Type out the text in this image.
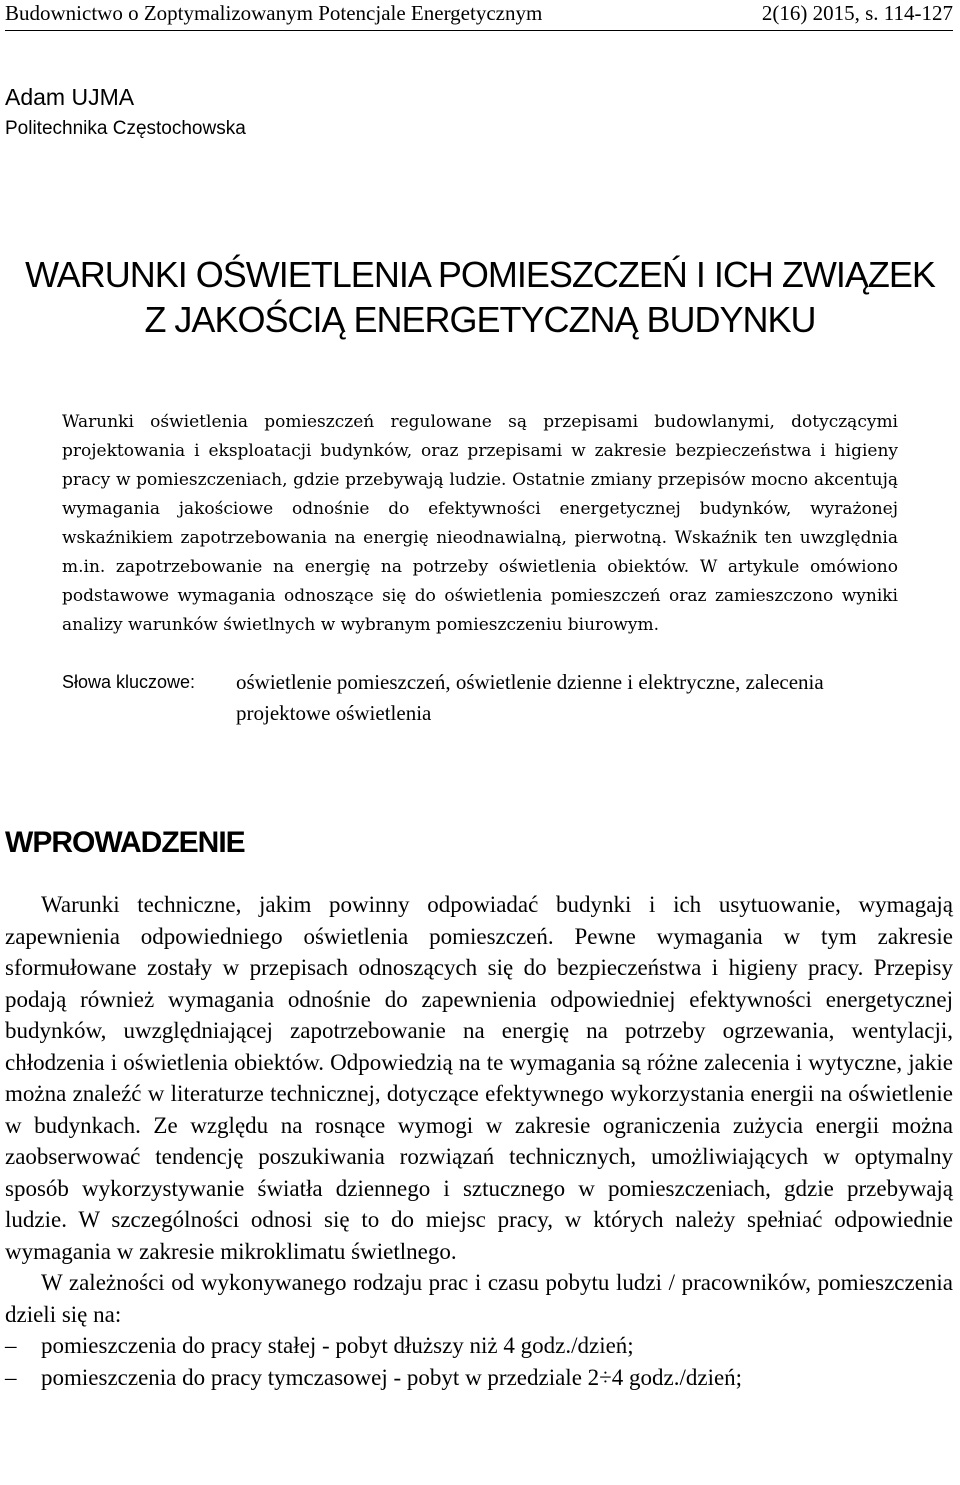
Budownictwo o Zoptymalizowanym Potencjale Energetycznym	2(16) 2015, s. 114-127
Adam UJMA
Politechnika Częstochowska
WARUNKI OŚWIETLENIA POMIESZCZEŃ I ICH ZWIĄZEK
Z JAKOŚCIĄ ENERGETYCZNĄ BUDYNKU

Warunki oświetlenia pomieszczeń regulowane są przepisami budowlanymi, dotyczącymi projektowania i eksploatacji budynków, oraz przepisami w zakresie bezpieczeństwa i higieny pracy w pomieszczeniach, gdzie przebywają ludzie. Ostatnie zmiany przepisów mocno akcentują wymagania jakościowe odnośnie do efektywności energetycznej budynków, wyrażonej wskaźnikiem zapotrzebowania na energię nieodnawialną, pierwotną. Wskaźnik ten uwzględnia m.in. zapotrzebowanie na energię na potrzeby oświetlenia obiektów. W artykule omówiono podstawowe wymagania odnoszące się do oświetlenia pomieszczeń oraz zamieszczono wyniki analizy warunków świetlnych w wybranym pomieszczeniu biurowym.

Słowa kluczowe: oświetlenie pomieszczeń, oświetlenie dzienne i elektryczne, zalecenia projektowe oświetlenia
WPROWADZENIE

Warunki techniczne, jakim powinny odpowiadać budynki i ich usytuowanie, wymagają zapewnienia odpowiedniego oświetlenia pomieszczeń. Pewne wymagania w tym zakresie sformułowane zostały w przepisach odnoszących się do bezpieczeństwa i higieny pracy. Przepisy podają również wymagania odnośnie do zapewnienia odpowiedniej efektywności energetycznej budynków, uwzględniającej zapotrzebowanie na energię na potrzeby ogrzewania, wentylacji, chłodzenia i oświetlenia obiektów. Odpowiedzią na te wymagania są różne zalecenia i wytyczne, jakie można znaleźć w literaturze technicznej, dotyczące efektywnego wykorzystania energii na oświetlenie w budynkach. Ze względu na rosnące wymogi w zakresie ograniczenia zużycia energii można zaobserwować tendencję poszukiwania rozwiązań technicznych, umożliwiających w optymalny sposób wykorzystywanie światła dziennego i sztucznego w pomieszczeniach, gdzie przebywają ludzie. W szczególności odnosi się to do miejsc pracy, w których należy spełniać odpowiednie wymagania w zakresie mikroklimatu świetlnego.

W zależności od wykonywanego rodzaju prac i czasu pobytu ludzi / pracowników, pomieszczenia dzieli się na:

– pomieszczenia do pracy stałej - pobyt dłuższy niż 4 godz./dzień;
– pomieszczenia do pracy tymczasowej - pobyt w przedziale 2÷4 godz./dzień;
